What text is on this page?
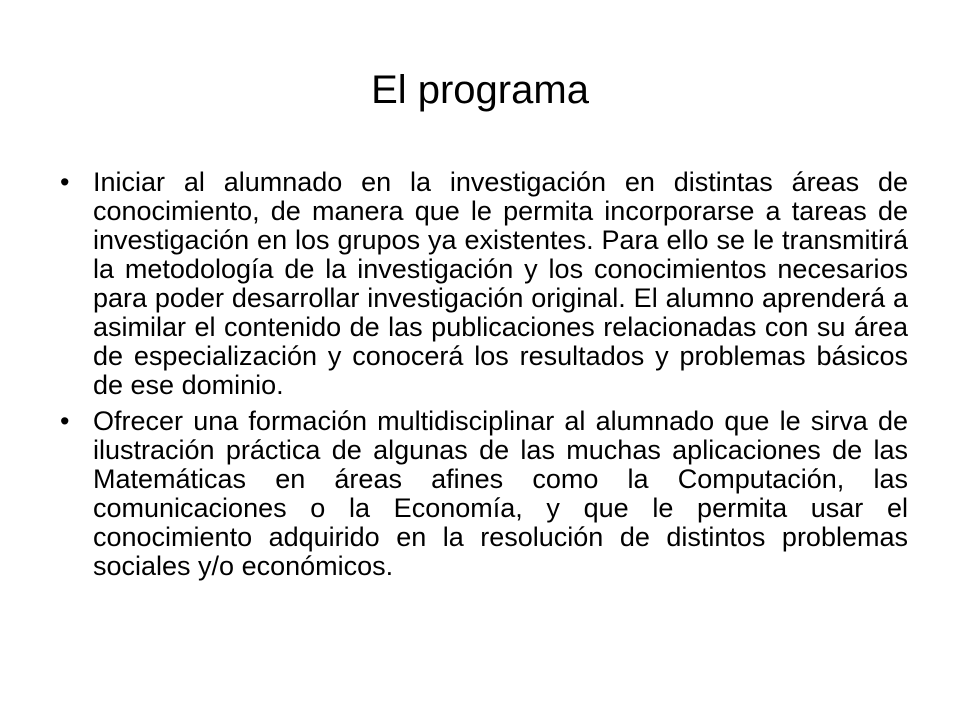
El programa
• Iniciar al alumnado en la investigación en distintas áreas de conocimiento, de manera que le permita incorporarse a tareas de investigación en los grupos ya existentes. Para ello se le transmitirá la metodología de la investigación y los conocimientos necesarios para poder desarrollar investigación original. El alumno aprenderá a asimilar el contenido de las publicaciones relacionadas con su área de especialización y conocerá los resultados y problemas básicos de ese dominio.
• Ofrecer una formación multidisciplinar al alumnado que le sirva de ilustración práctica de algunas de las muchas aplicaciones de las Matemáticas en áreas afines como la Computación, las comunicaciones o la Economía, y que le permita usar el conocimiento adquirido en la resolución de distintos problemas sociales y/o económicos.
